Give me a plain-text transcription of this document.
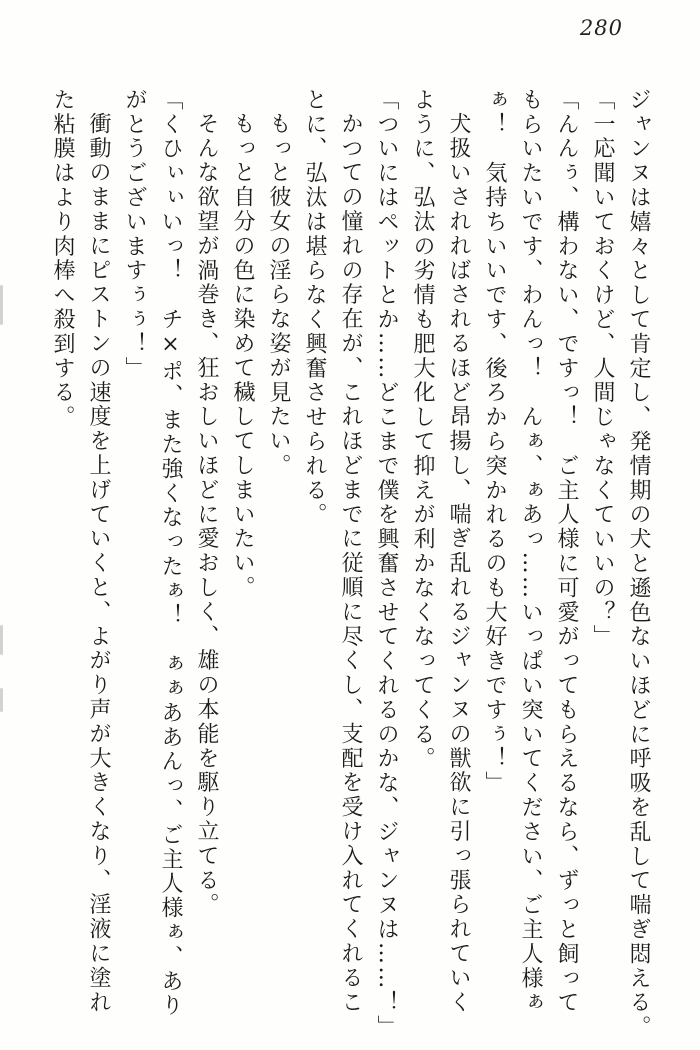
280
ジャンヌは嬉々として肯定し、発情期の犬と遜色ないほどに呼吸を乱して喘ぎ悶える。
「一応聞いておくけど、人間じゃなくていいの？」
「んんぅ、構わない、ですっ！　ご主人様に可愛がってもらえるなら、ずっと飼って
もらいたいです、わんっ！　んぁ、ぁあっ……いっぱい突いてください、ご主人様ぁ
ぁ！　気持ちいいです、後ろから突かれるのも大好きですぅ！」
犬扱いされればされるほど昂揚し、喘ぎ乱れるジャンヌの獣欲に引っ張られていく
ように、弘汰の劣情も肥大化して抑えが利かなくなってくる。
「ついにはペットとか……どこまで僕を興奮させてくれるのかな、ジャンヌは……！」
かつての憧れの存在が、これほどまでに従順に尽くし、支配を受け入れてくれるこ
とに、弘汰は堪らなく興奮させられる。
もっと彼女の淫らな姿が見たい。
もっと自分の色に染めて穢してしまいたい。
そんな欲望が渦巻き、狂おしいほどに愛おしく、雄の本能を駆り立てる。
「くひぃぃいっ！　チ×ポ、また強くなったぁ！　ぁぁああんっ、ご主人様ぁ、あり
がとうございますぅぅ！」
衝動のままにピストンの速度を上げていくと、よがり声が大きくなり、淫液に塗れ
た粘膜はより肉棒へ殺到する。
